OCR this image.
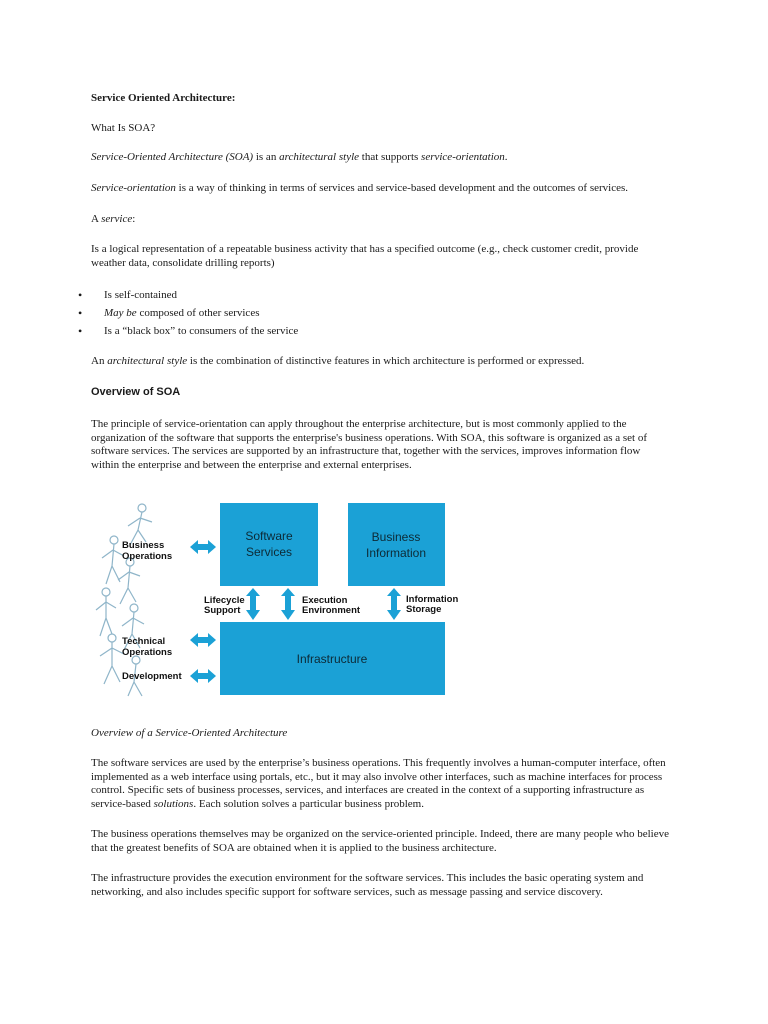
Service Oriented Architecture:

What Is SOA?

Service-Oriented Architecture (SOA) is an architectural style that supports service-orientation.

Service-orientation is a way of thinking in terms of services and service-based development and the outcomes of services.

A service:

Is a logical representation of a repeatable business activity that has a specified outcome (e.g., check customer credit, provide weather data, consolidate drilling reports)

• Is self-contained
• May be composed of other services
• Is a “black box” to consumers of the service

An architectural style is the combination of distinctive features in which architecture is performed or expressed.

Overview of SOA

The principle of service-orientation can apply throughout the enterprise architecture, but is most commonly applied to the organization of the software that supports the enterprise's business operations. With SOA, this software is organized as a set of software services. The services are supported by an infrastructure that, together with the services, improves information flow within the enterprise and between the enterprise and external enterprises.

Software
Services
Business
Information
Infrastructure
Business
Operations
Technical
Operations
Development
Lifecycle
Support
Execution
Environment
Information
Storage

Overview of a Service-Oriented Architecture

The software services are used by the enterprise’s business operations. This frequently involves a human-computer interface, often implemented as a web interface using portals, etc., but it may also involve other interfaces, such as machine interfaces for process control. Specific sets of business processes, services, and interfaces are created in the context of a supporting infrastructure as service-based solutions. Each solution solves a particular business problem.

The business operations themselves may be organized on the service-oriented principle. Indeed, there are many people who believe that the greatest benefits of SOA are obtained when it is applied to the business architecture.

The infrastructure provides the execution environment for the software services. This includes the basic operating system and networking, and also includes specific support for software services, such as message passing and service discovery.
